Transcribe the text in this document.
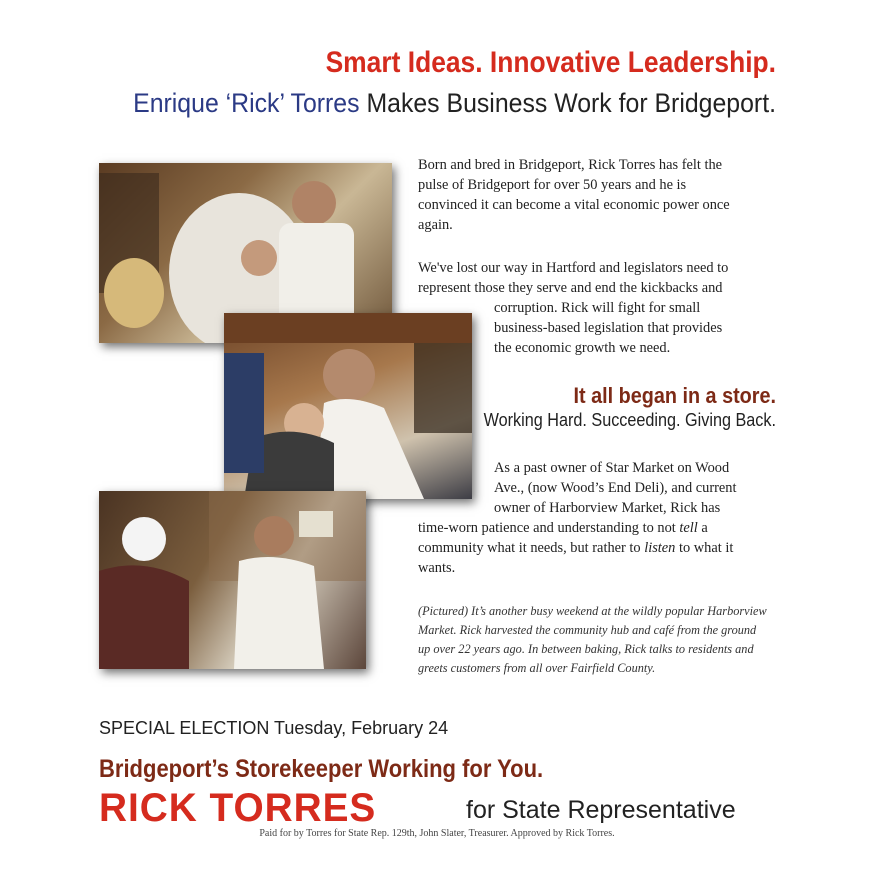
Smart Ideas. Innovative Leadership.
Enrique ‘Rick’ Torres Makes Business Work for Bridgeport.
Born and bred in Bridgeport, Rick Torres has felt the
pulse of Bridgeport for over 50 years and he is
convinced it can become a vital economic power once
again.
We've lost our way in Hartford and legislators need to
represent those they serve and end the kickbacks and
corruption. Rick will fight for small
business-based legislation that provides
the economic growth we need.
It all began in a store.
Working Hard. Succeeding. Giving Back.
As a past owner of Star Market on Wood
Ave., (now Wood’s End Deli), and current
owner of Harborview Market, Rick has
time-worn patience and understanding to not tell a
community what it needs, but rather to listen to what it
wants.
(Pictured) It’s another busy weekend at the wildly popular Harborview
Market. Rick harvested the community hub and café from the ground
up over 22 years ago. In between baking, Rick talks to residents and
greets customers from all over Fairfield County.
SPECIAL ELECTION Tuesday, February 24
Bridgeport’s Storekeeper Working for You.
RICK TORRES	for State Representative
Paid for by Torres for State Rep. 129th, John Slater, Treasurer. Approved by Rick Torres.
